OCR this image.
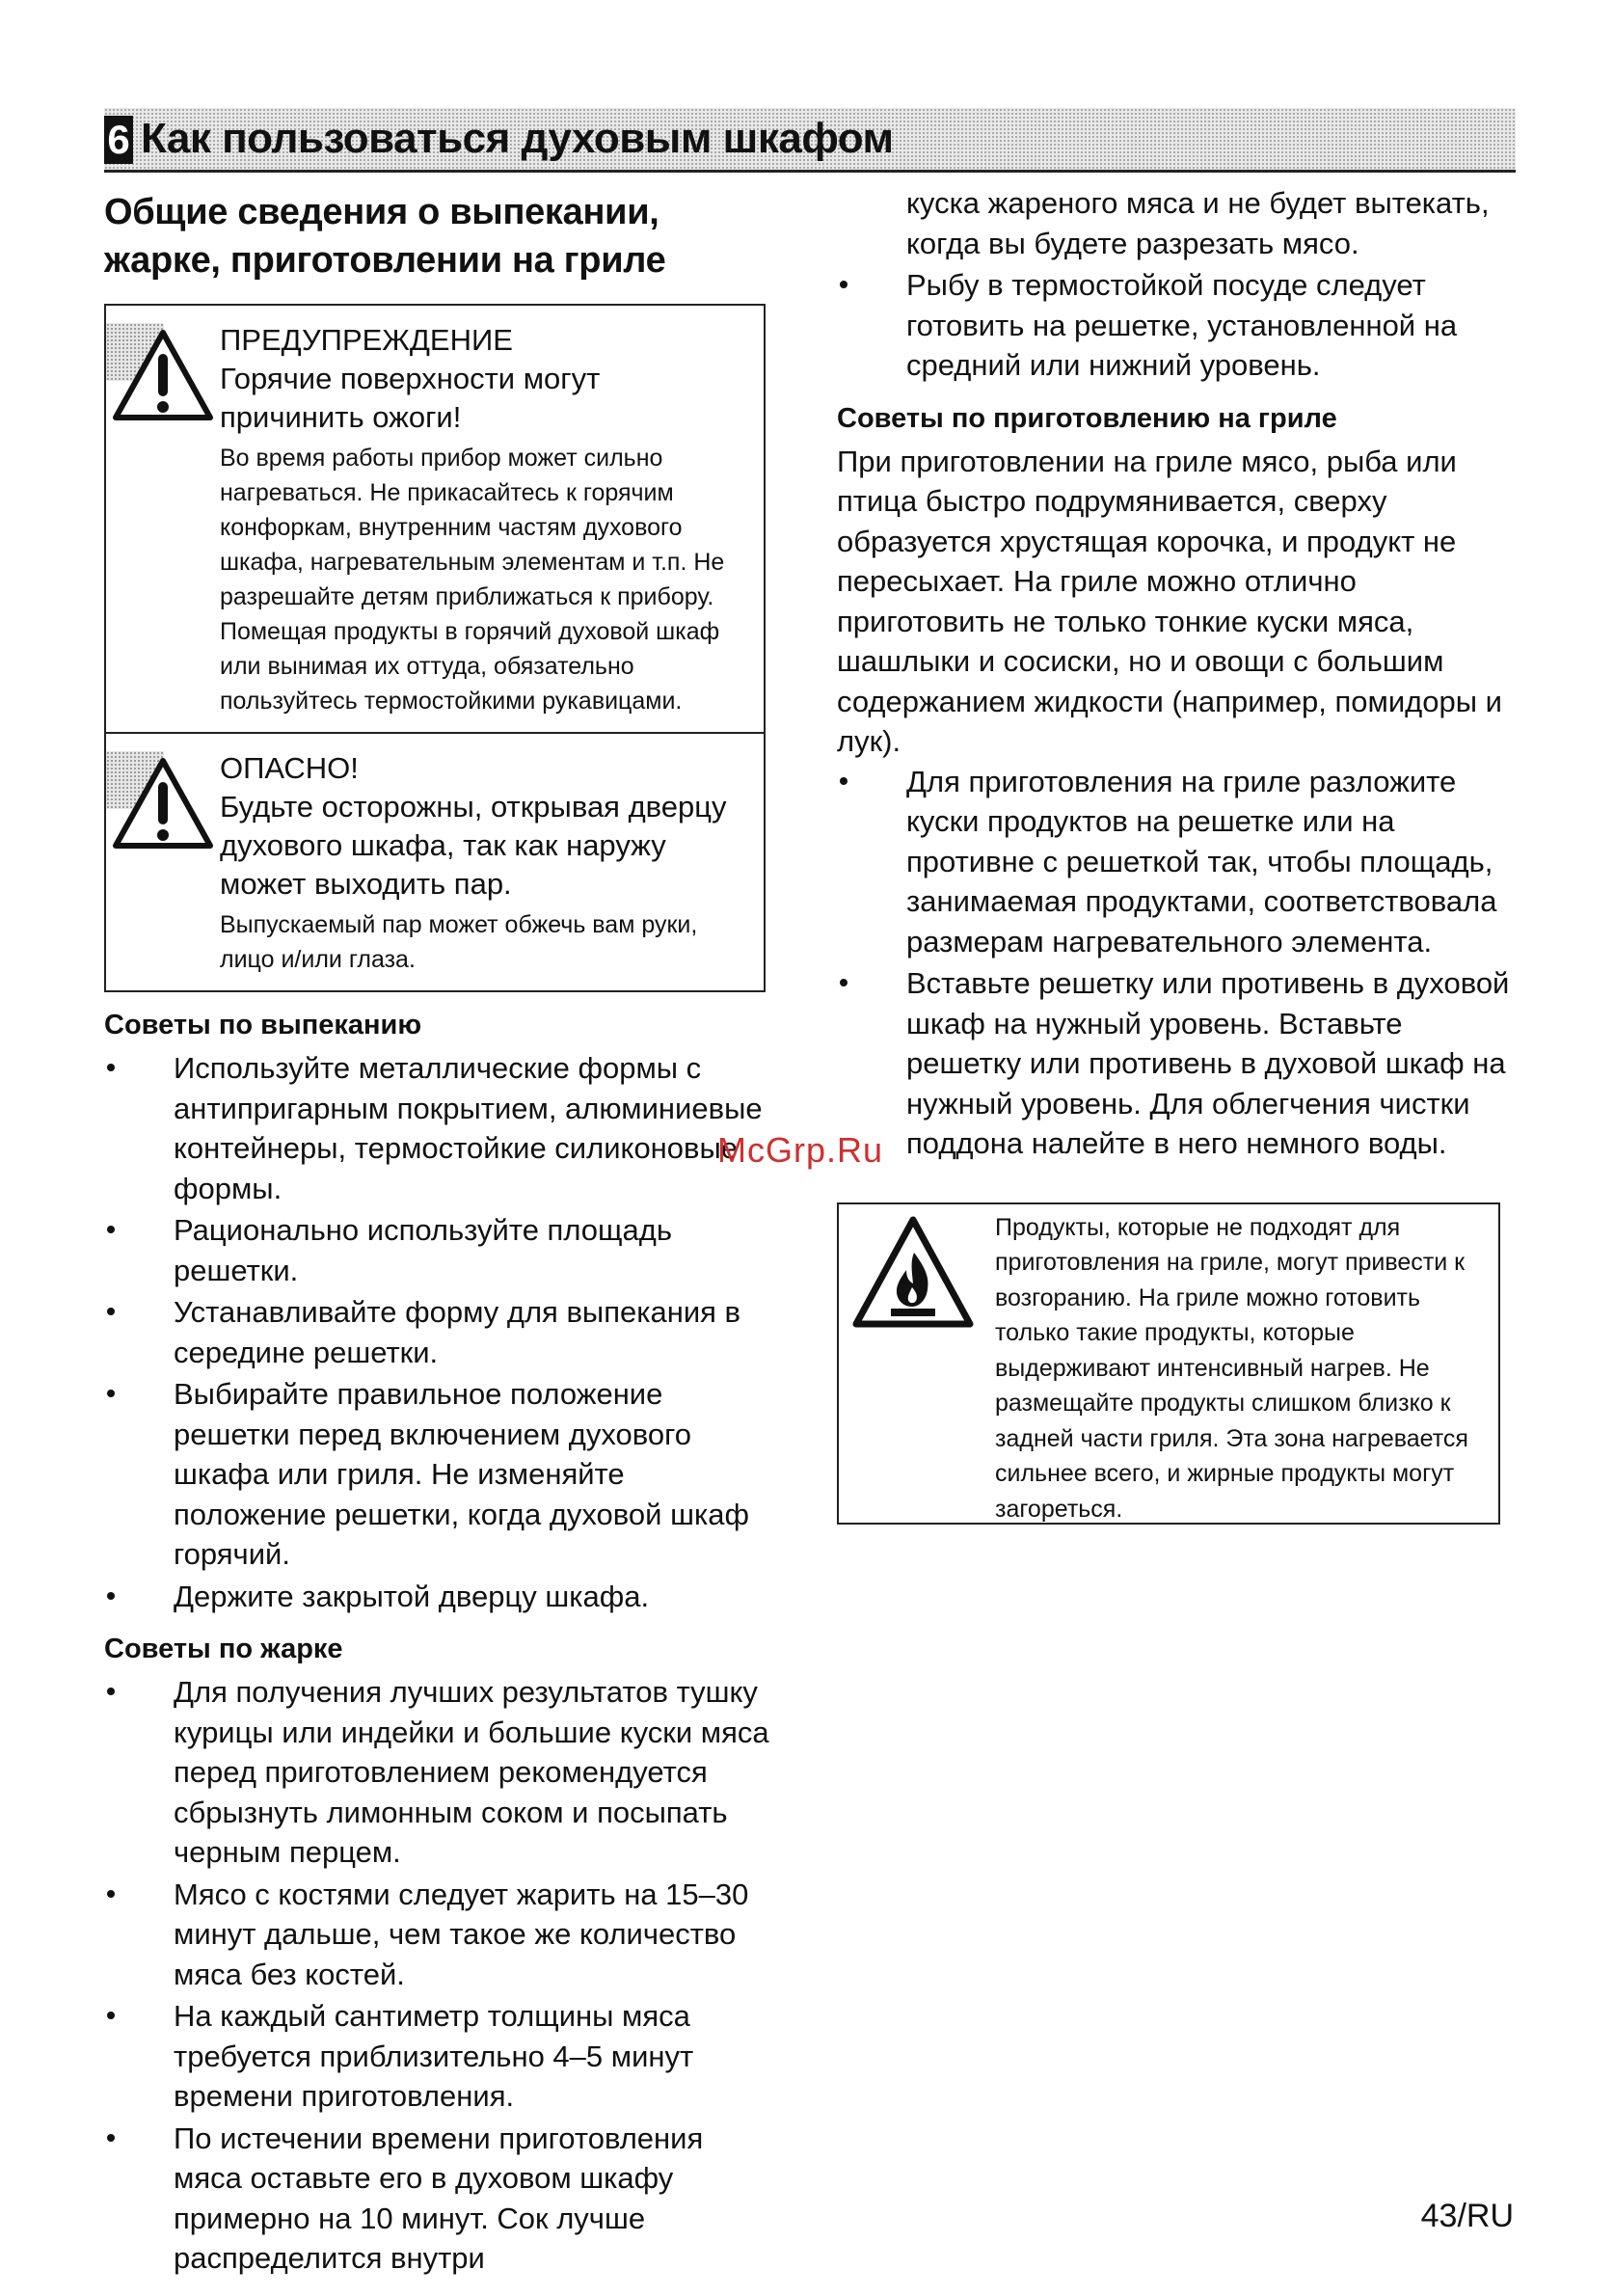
6 Как пользоваться духовым шкафом
Общие сведения о выпекании, жарке, приготовлении на гриле
ПРЕДУПРЕЖДЕНИЕ
Горячие поверхности могут причинить ожоги!
Во время работы прибор может сильно нагреваться. Не прикасайтесь к горячим конфоркам, внутренним частям духового шкафа, нагревательным элементам и т.п. Не разрешайте детям приближаться к прибору. Помещая продукты в горячий духовой шкаф или вынимая их оттуда, обязательно пользуйтесь термостойкими рукавицами.
ОПАСНО!
Будьте осторожны, открывая дверцу духового шкафа, так как наружу может выходить пар.
Выпускаемый пар может обжечь вам руки, лицо и/или глаза.
Советы по выпеканию
Используйте металлические формы с антипригарным покрытием, алюминиевые контейнеры, термостойкие силиконовые формы.
Рационально используйте площадь решетки.
Устанавливайте форму для выпекания в середине решетки.
Выбирайте правильное положение решетки перед включением духового шкафа или гриля. Не изменяйте положение решетки, когда духовой шкаф горячий.
Держите закрытой дверцу шкафа.
Советы по жарке
Для получения лучших результатов тушку курицы или индейки и большие куски мяса перед приготовлением рекомендуется сбрызнуть лимонным соком и посыпать черным перцем.
Мясо с костями следует жарить на 15–30 минут дальше, чем такое же количество мяса без костей.
На каждый сантиметр толщины мяса требуется приблизительно 4–5 минут времени приготовления.
По истечении времени приготовления мяса оставьте его в духовом шкафу примерно на 10 минут. Сок лучше распределится внутри

куска жареного мяса и не будет вытекать, когда вы будете разрезать мясо.

Рыбу в термостойкой посуде следует готовить на решетке, установленной на средний или нижний уровень.
Советы по приготовлению на гриле

При приготовлении на гриле мясо, рыба или птица быстро подрумянивается, сверху образуется хрустящая корочка, и продукт не пересыхает. На гриле можно отлично приготовить не только тонкие куски мяса, шашлыки и сосиски, но и овощи с большим содержанием жидкости (например, помидоры и лук).

Для приготовления на гриле разложите куски продуктов на решетке или на противне с решеткой так, чтобы площадь, занимаемая продуктами, соответствовала размерам нагревательного элемента.
Вставьте решетку или противень в духовой шкаф на нужный уровень. Вставьте решетку или противень в духовой шкаф на нужный уровень. Для облегчения чистки поддона налейте в него немного воды.
Продукты, которые не подходят для приготовления на гриле, могут привести к возгоранию. На гриле можно готовить только такие продукты, которые выдерживают интенсивный нагрев. Не размещайте продукты слишком близко к задней части гриля. Эта зона нагревается сильнее всего, и жирные продукты могут загореться.
McGrp.Ru
43/RU
